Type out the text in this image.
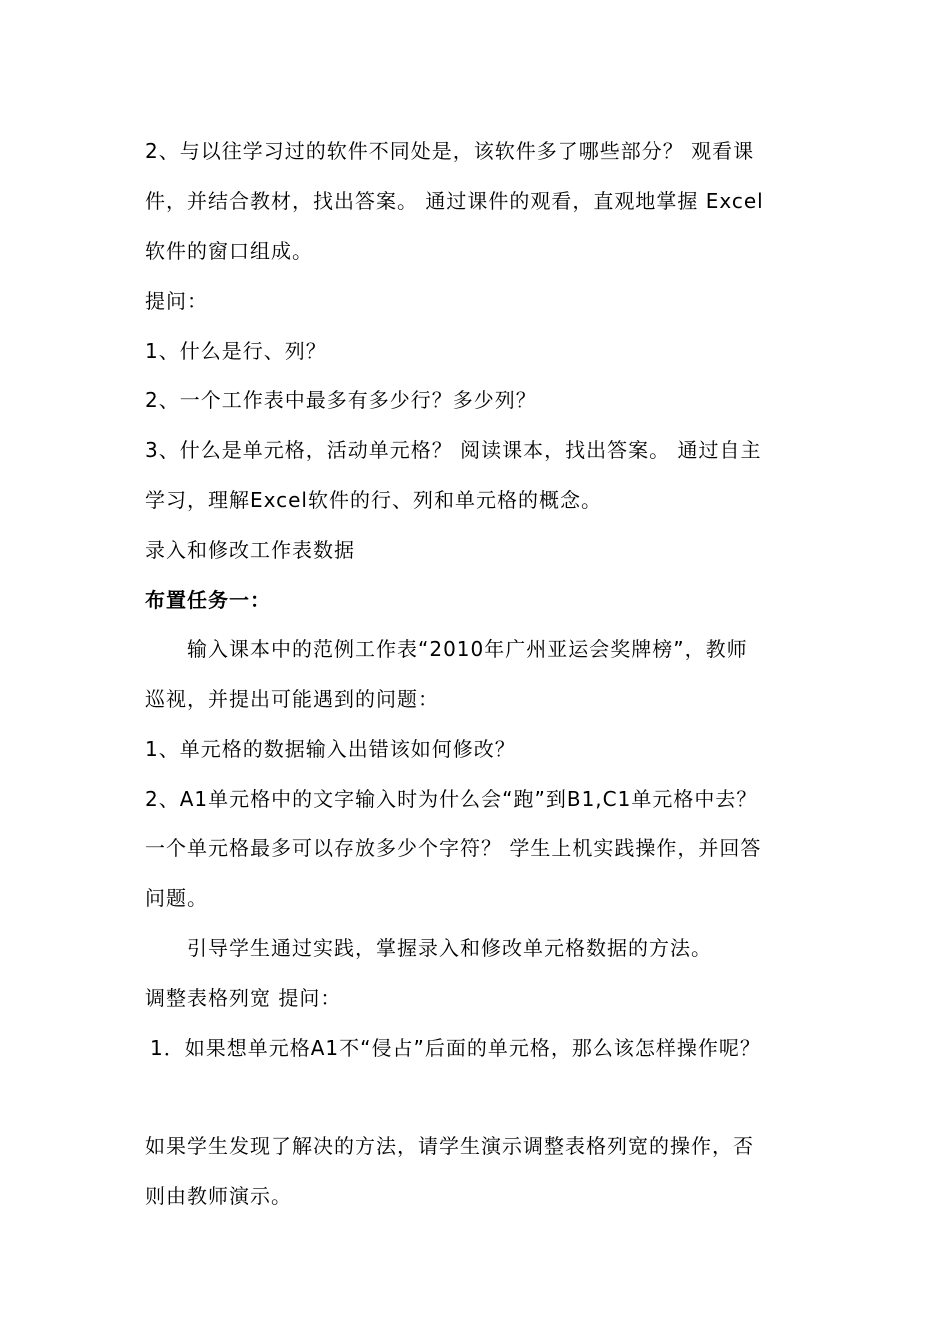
2、与以往学习过的软件不同处是，该软件多了哪些部分？ 观看课
件，并结合教材，找出答案。 通过课件的观看，直观地掌握 Excel
软件的窗口组成。
提问：
1、什么是行、列？
2、一个工作表中最多有多少行？多少列？
3、什么是单元格，活动单元格？ 阅读课本，找出答案。 通过自主
学习，理解Excel软件的行、列和单元格的概念。
录入和修改工作表数据
布置任务一：
输入课本中的范例工作表“2010年广州亚运会奖牌榜”，教师
巡视，并提出可能遇到的问题：
1、单元格的数据输入出错该如何修改？
2、A1单元格中的文字输入时为什么会“跑”到B1,C1单元格中去？
一个单元格最多可以存放多少个字符？ 学生上机实践操作，并回答
问题。
引导学生通过实践，掌握录入和修改单元格数据的方法。
调整表格列宽 提问：
1．如果想单元格A1不“侵占”后面的单元格，那么该怎样操作呢？
如果学生发现了解决的方法，请学生演示调整表格列宽的操作，否
则由教师演示。
